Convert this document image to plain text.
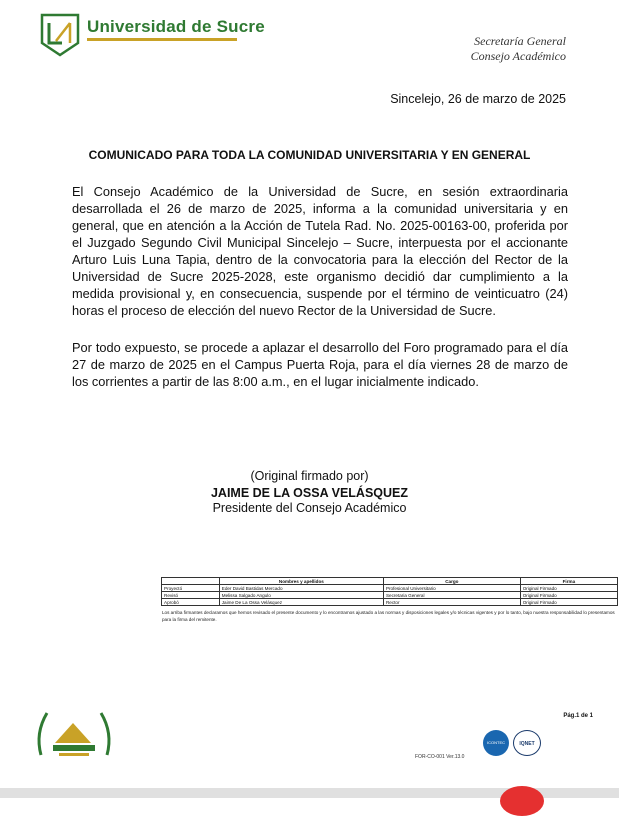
Universidad de Sucre
Secretaría General
Consejo Académico
Sincelejo, 26 de marzo de 2025
COMUNICADO PARA TODA LA COMUNIDAD UNIVERSITARIA Y EN GENERAL
El Consejo Académico de la Universidad de Sucre, en sesión extraordinaria desarrollada el 26 de marzo de 2025, informa a la comunidad universitaria y en general, que en atención a la Acción de Tutela Rad. No. 2025-00163-00, proferida por el Juzgado Segundo Civil Municipal Sincelejo – Sucre, interpuesta por el accionante Arturo Luis Luna Tapia, dentro de la convocatoria para la elección del Rector de la Universidad de Sucre 2025-2028, este organismo decidió dar cumplimiento a la medida provisional y, en consecuencia, suspende por el término de veinticuatro (24) horas el proceso de elección del nuevo Rector de la Universidad de Sucre.
Por todo expuesto, se procede a aplazar el desarrollo del Foro programado para el día 27 de marzo de 2025 en el Campus Puerta Roja, para el día viernes 28 de marzo de los corrientes a partir de las 8:00 a.m., en el lugar inicialmente indicado.
(Original firmado por)
JAIME DE LA OSSA VELÁSQUEZ
Presidente del Consejo Académico
	Nombres y apellidos	Cargo	Firma
Proyectó	Eder David Bastidas Mercado	Profesional Universitario	Original Firmado
Revisó	Melissa Salgado Angulo	Secretaria General	Original Firmado
Aprobó	Jaime De La Ossa Velásquez	Rector	Original Firmado
Los arriba firmantes declaramos que hemos revisado el presente documento y lo encontramos ajustado a las normas y disposiciones legales y/o técnicas vigentes y por lo tanto, bajo nuestra responsabilidad lo presentamos para la firma del remitente.
Pág.1 de 1
FOR-CO-001 Ver.13.0
ICONTEC	IQNET
